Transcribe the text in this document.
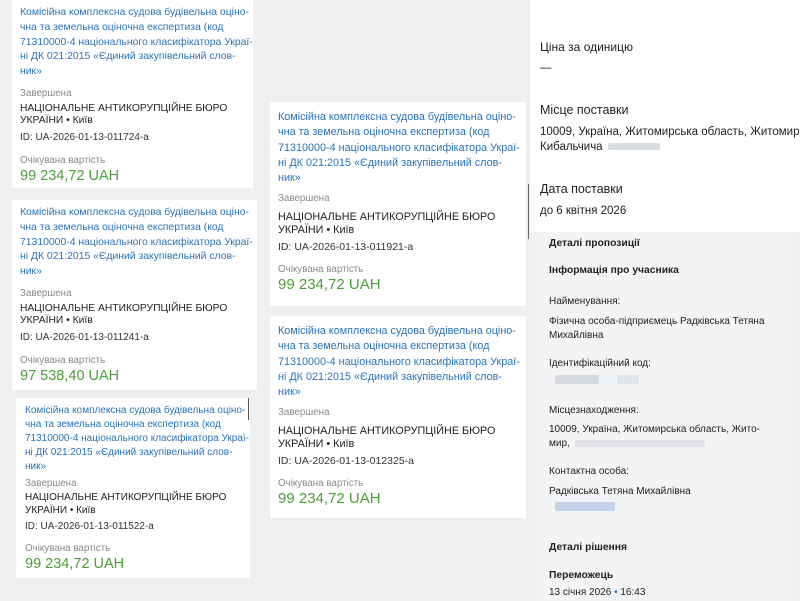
Комісійна комплексна судова будівельна оціно-
чна та земельна оціночна експертиза (код
71310000-4 національного класифікатора Украї-
ні ДК 021:2015 «Єдиний закупівельний слов-
ник»
Завершена
НАЦІОНАЛЬНЕ АНТИКОРУПЦІЙНЕ БЮРО
УКРАЇНИ • Київ
ID: UA-2026-01-13-011724-a
Очікувана вартість
99 234,72 UAH
Комісійна комплексна судова будівельна оціно-
чна та земельна оціночна експертиза (код
71310000-4 національного класифікатора Украї-
ні ДК 021:2015 «Єдиний закупівельний слов-
ник»
Завершена
НАЦІОНАЛЬНЕ АНТИКОРУПЦІЙНЕ БЮРО
УКРАЇНИ • Київ
ID: UA-2026-01-13-011241-a
Очікувана вартість
97 538,40 UAH
Комісійна комплексна судова будівельна оціно-
чна та земельна оціночна експертиза (код
71310000-4 національного класифікатора Украї-
ні ДК 021:2015 «Єдиний закупівельний слов-
ник»
Завершена
НАЦІОНАЛЬНЕ АНТИКОРУПЦІЙНЕ БЮРО
УКРАЇНИ • Київ
ID: UA-2026-01-13-011522-a
Очікувана вартість
99 234,72 UAH
Комісійна комплексна судова будівельна оціно-
чна та земельна оціночна експертиза (код
71310000-4 національного класифікатора Украї-
ні ДК 021:2015 «Єдиний закупівельний слов-
ник»
Завершена
НАЦІОНАЛЬНЕ АНТИКОРУПЦІЙНЕ БЮРО
УКРАЇНИ • Київ
ID: UA-2026-01-13-011921-a
Очікувана вартість
99 234,72 UAH
Комісійна комплексна судова будівельна оціно-
чна та земельна оціночна експертиза (код
71310000-4 національного класифікатора Украї-
ні ДК 021:2015 «Єдиний закупівельний слов-
ник»
Завершена
НАЦІОНАЛЬНЕ АНТИКОРУПЦІЙНЕ БЮРО
УКРАЇНИ • Київ
ID: UA-2026-01-13-012325-a
Очікувана вартість
99 234,72 UAH
Ціна за одиницю
—
Місце поставки
10009, Україна, Житомирська область, Житомир
Кибальчича
Дата поставки
до 6 квітня 2026
Деталі пропозиції
Інформація про учасника
Найменування:
Фізична особа-підприємець Радківська Тетяна
Михайлівна
Ідентифікаційний код:
Місцезнаходження:
10009, Україна, Житомирська область, Жито-
мир,
Контактна особа:
Радківська Тетяна Михайлівна
Деталі рішення
Переможець
13 січня 2026 • 16:43
